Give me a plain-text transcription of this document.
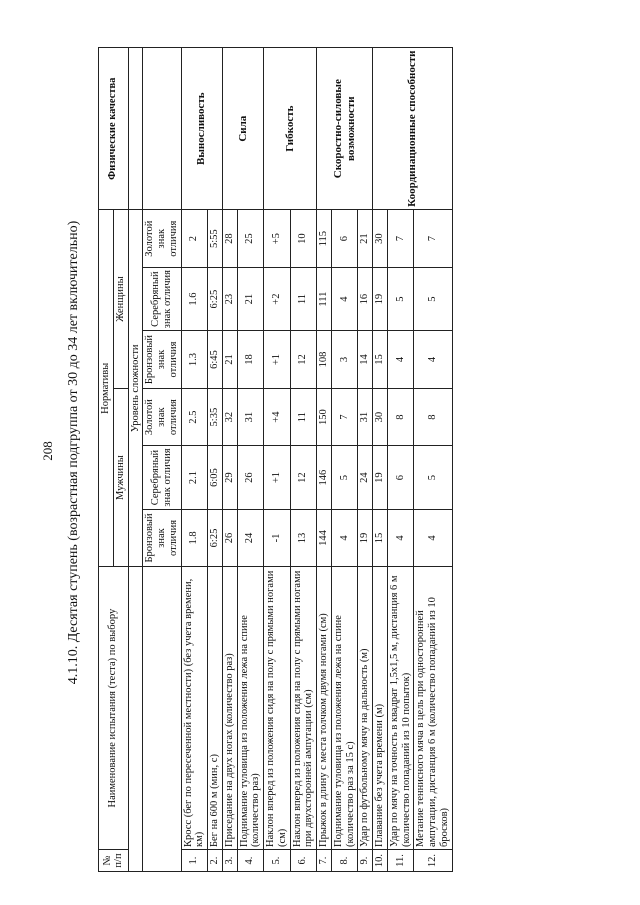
208 4.1.10. Десятая ступень (возрастная подгруппа от 30 до 34 лет включительно)
№ п/п	Наименование испытания (теста) по выбору	Нормативы						Физические качества
		Мужчины			Женщины			

		Уровень сложности						
		Бронзовый знак отличия	Серебряный знак отличия	Золотой знак отличия	Бронзовый знак отличия	Серебряный знак отличия	Золотой знак отличия	
1.	Кросс (бег по пересеченной местности) (без учета времени, км)	1.8	2.1	2.5	1.3	1.6	2	Выносливость
2.	Бег на 600 м (мин, с)	6:25	6:05	5:35	6:45	6:25	5:55	
3.	Приседание на двух ногах (количество раз)	26	29	32	21	23	28	Сила
4.	Поднимание туловища из положения лежа на спине (количество раз)	24	26	31	18	21	25	
5.	Наклон вперед из положения сидя на полу с прямыми ногами (см)	-1	+1	+4	+1	+2	+5	Гибкость
6.	Наклон вперед из положения сидя на полу с прямыми ногами при двухсторонней ампутации (см)	13	12	11	12	11	10	
7.	Прыжок в длину с места толчком двумя ногами (см)	144	146	150	108	111	115	Скоростно-силовые возможности
8.	Поднимание туловища из положения лежа на спине (количество раз за 15 с)	4	5	7	3	4	6	
9.	Удар по футбольному мячу на дальность (м)	19	24	31	14	16	21	
10.	Плавание без учета времени (м)	15	19	30	15	19	30	Координационные способности
11.	Удар по мячу на точность в квадрат 1,5х1,5 м, дистанция 6 м (количество попаданий из 10 попыток)	4	6	8	4	5	7	
12.	Метание теннисного мяча в цель при односторонней ампутации, дистанция 6 м (количество попаданий из 10 бросков)	4	5	8	4	5	7	
